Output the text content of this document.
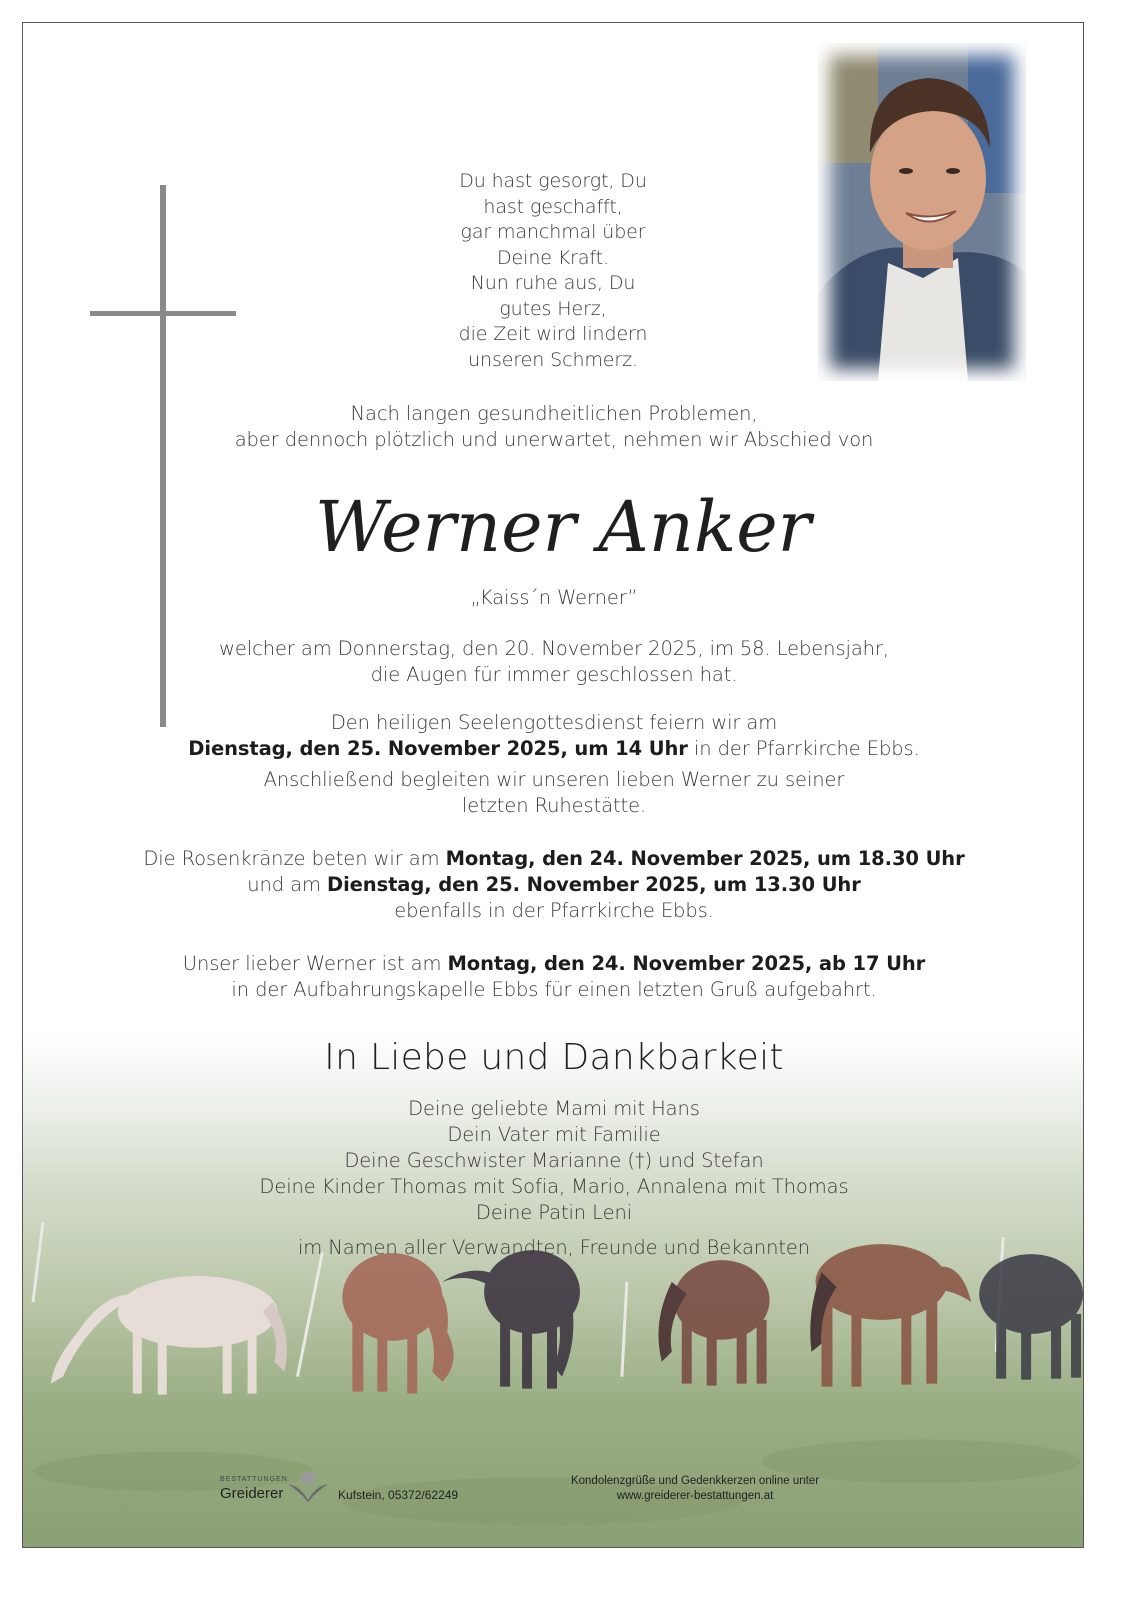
Du hast gesorgt, Du hast geschafft,
gar manchmal über Deine Kraft.
Nun ruhe aus, Du gutes Herz,
die Zeit wird lindern unseren Schmerz.
Nach langen gesundheitlichen Problemen,
aber dennoch plötzlich und unerwartet, nehmen wir Abschied von
Werner Anker
„Kaiss´n Werner”
welcher am Donnerstag, den 20. November 2025, im 58. Lebensjahr,
die Augen für immer geschlossen hat.
Den heiligen Seelengottesdienst feiern wir am
Dienstag, den 25. November 2025, um 14 Uhr in der Pfarrkirche Ebbs.
Anschließend begleiten wir unseren lieben Werner zu seiner
letzten Ruhestätte.
Die Rosenkränze beten wir am Montag, den 24. November 2025, um 18.30 Uhr
und am Dienstag, den 25. November 2025, um 13.30 Uhr
ebenfalls in der Pfarrkirche Ebbs.
Unser lieber Werner ist am Montag, den 24. November 2025, ab 17 Uhr
in der Aufbahrungskapelle Ebbs für einen letzten Gruß aufgebahrt.
In Liebe und Dankbarkeit
Deine geliebte Mami mit Hans
Dein Vater mit Familie
Deine Geschwister Marianne (†) und Stefan
Deine Kinder Thomas mit Sofia, Mario, Annalena mit Thomas
Deine Patin Leni
im Namen aller Verwandten, Freunde und Bekannten
BESTATTUNGEN
Greiderer	Kufstein, 05372/62249
Kondolenzgrüße und Gedenkkerzen online unter
www.greiderer-bestattungen.at
